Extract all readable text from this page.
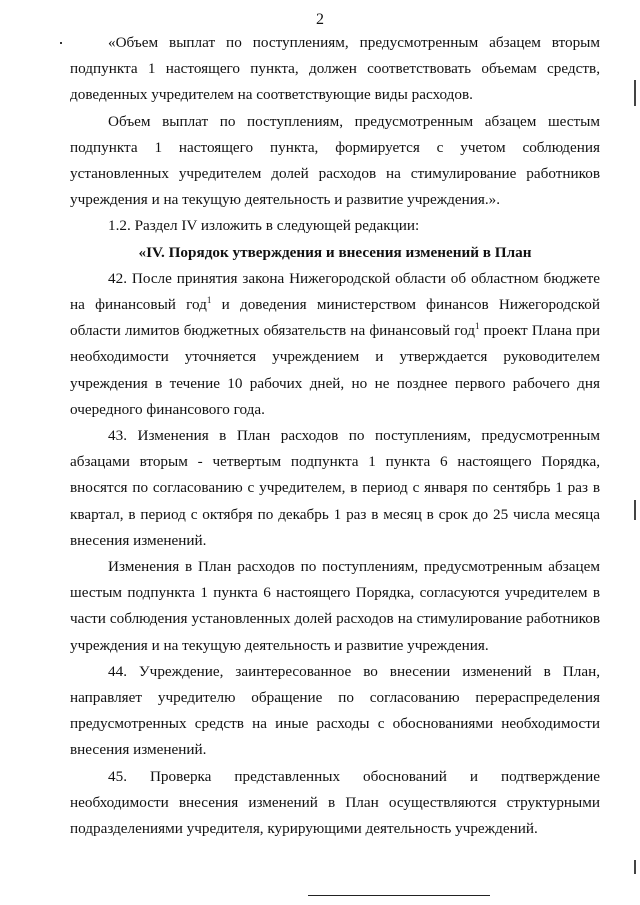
2

«Объем выплат по поступлениям, предусмотренным абзацем вторым подпункта 1 настоящего пункта, должен соответствовать объемам средств, доведенных учредителем на соответствующие виды расходов.

Объем выплат по поступлениям, предусмотренным абзацем шестым подпункта 1 настоящего пункта, формируется с учетом соблюдения установленных учредителем долей расходов на стимулирование работников учреждения и на текущую деятельность и развитие учреждения.».

1.2. Раздел IV изложить в следующей редакции:

«IV. Порядок утверждения и внесения изменений в План

42. После принятия закона Нижегородской области об областном бюджете на финансовый год$^1$ и доведения министерством финансов Нижегородской области лимитов бюджетных обязательств на финансовый год$^1$ проект Плана при необходимости уточняется учреждением и утверждается руководителем учреждения в течение 10 рабочих дней, но не позднее первого рабочего дня очередного финансового года.

43. Изменения в План расходов по поступлениям, предусмотренным абзацами вторым - четвертым подпункта 1 пункта 6 настоящего Порядка, вносятся по согласованию с учредителем, в период с января по сентябрь 1 раз в квартал, в период с октября по декабрь 1 раз в месяц в срок до 25 числа месяца внесения изменений.

Изменения в План расходов по поступлениям, предусмотренным абзацем шестым подпункта 1 пункта 6 настоящего Порядка, согласуются учредителем в части соблюдения установленных долей расходов на стимулирование работников учреждения и на текущую деятельность и развитие учреждения.

44. Учреждение, заинтересованное во внесении изменений в План, направляет учредителю обращение по согласованию перераспределения предусмотренных средств на иные расходы с обоснованиями необходимости внесения изменений.

45. Проверка представленных обоснований и подтверждение необходимости внесения изменений в План осуществляются структурными подразделениями учредителя, курирующими деятельность учреждений.
